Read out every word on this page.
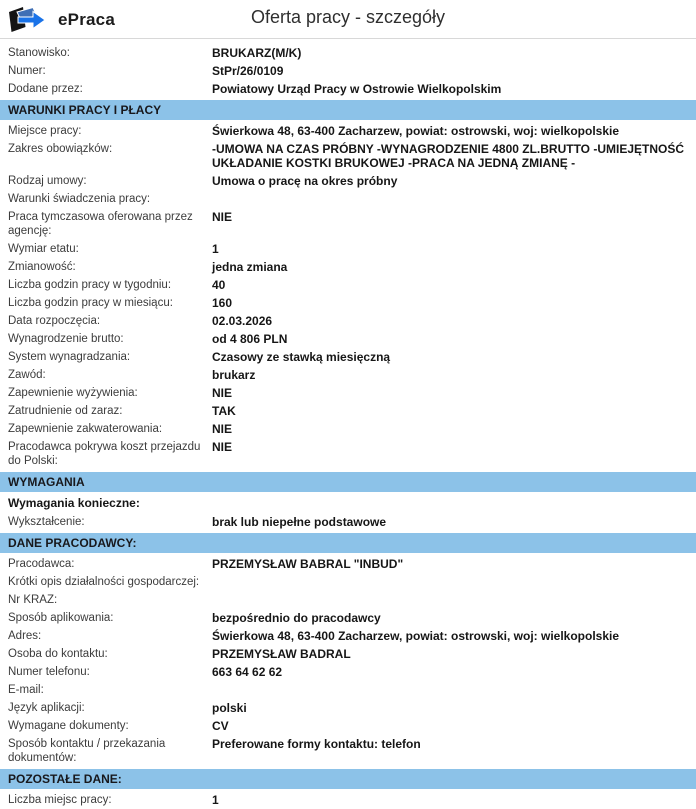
ePraca	Oferta pracy - szczegóły
Stanowisko:	BRUKARZ(M/K)
Numer:	StPr/26/0109
Dodane przez:	Powiatowy Urząd Pracy w Ostrowie Wielkopolskim
WARUNKI PRACY I PŁACY
Miejsce pracy:	Świerkowa 48, 63-400 Zacharzew, powiat: ostrowski, woj: wielkopolskie
Zakres obowiązków:	-UMOWA NA CZAS PRÓBNY -WYNAGRODZENIE 4800 ZL.BRUTTO -UMIEJĘTNOŚĆ UKŁADANIE KOSTKI BRUKOWEJ -PRACA NA JEDNĄ ZMIANĘ -
Rodzaj umowy:	Umowa o pracę na okres próbny
Warunki świadczenia pracy:
Praca tymczasowa oferowana przez agencję:
NIE
Wymiar etatu:	1
Zmianowość:	jedna zmiana
Liczba godzin pracy w tygodniu:	40
Liczba godzin pracy w miesiącu:	160
Data rozpoczęcia:	02.03.2026
Wynagrodzenie brutto:	od 4 806 PLN
System wynagradzania:	Czasowy ze stawką miesięczną
Zawód:	brukarz
Zapewnienie wyżywienia:	NIE
Zatrudnienie od zaraz:	TAK
Zapewnienie zakwaterowania:	NIE
Pracodawca pokrywa koszt przejazdu do Polski:
NIE
WYMAGANIA
Wymagania konieczne:
Wykształcenie:	brak lub niepełne podstawowe
DANE PRACODAWCY:
Pracodawca:	PRZEMYSŁAW BABRAL "INBUD"
Krótki opis działalności gospodarczej:
Nr KRAZ:
Sposób aplikowania:	bezpośrednio do pracodawcy
Adres:	Świerkowa 48, 63-400 Zacharzew, powiat: ostrowski, woj: wielkopolskie
Osoba do kontaktu:	PRZEMYSŁAW BADRAL
Numer telefonu:	663 64 62 62
E-mail:
Język aplikacji:	polski
Wymagane dokumenty:	CV
Sposób kontaktu / przekazania dokumentów:
Preferowane formy kontaktu: telefon
POZOSTAŁE DANE:
Liczba miejsc pracy:	1
